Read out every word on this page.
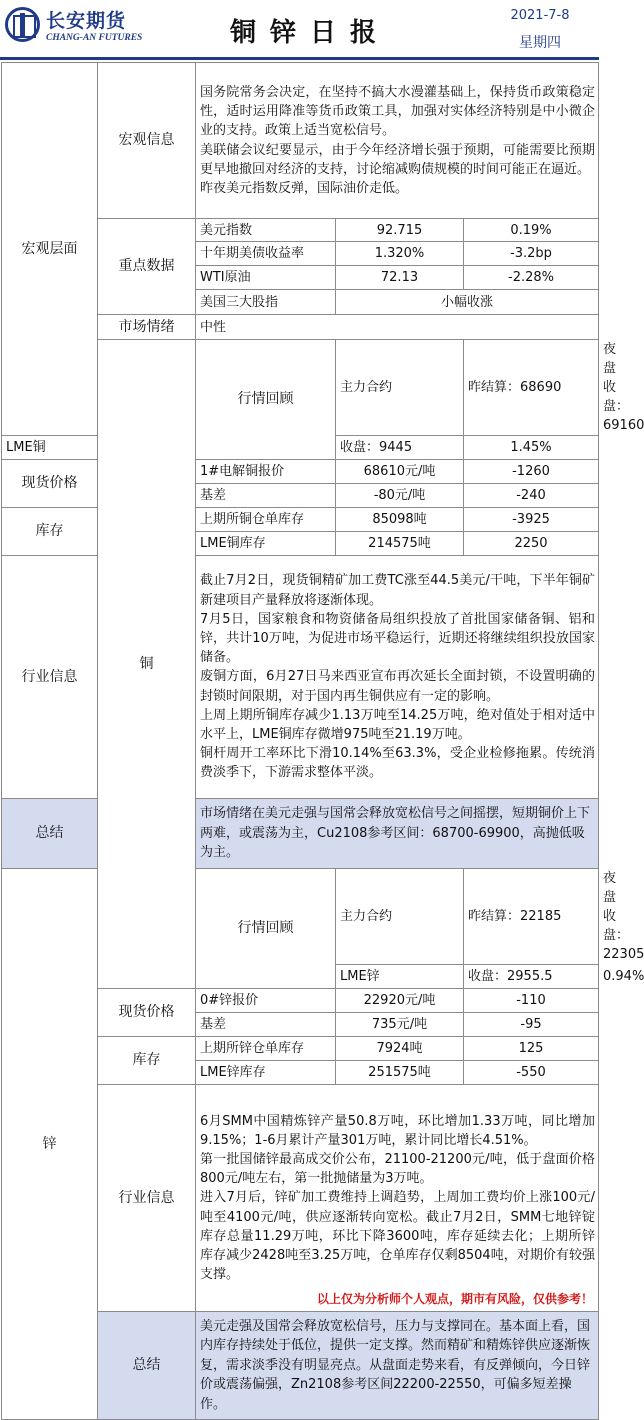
长安期货
CHANG-AN FUTURES	铜锌日报
2021-7-8
星期四
宏观层面	宏观信息	国务院常务会决定，在坚持不搞大水漫灌基础上，保持货币政策稳定性，适时运用降准等货币政策工具，加强对实体经济特别是中小微企业的支持。政策上适当宽松信号。
美联储会议纪要显示，由于今年经济增长强于预期，可能需要比预期更早地撤回对经济的支持，讨论缩减购债规模的时间可能正在逼近。
昨夜美元指数反弹，国际油价走低。			

	重点数据	美元指数	92.715	0.19%	
		十年期美债收益率	1.320%	-3.2bp	
		WTI原油	72.13	-2.28%	
		美国三大股指	小幅收涨		
	市场情绪	中性			
	铜	行情回顾	主力合约	昨结算：68690	夜盘收盘：69160
LME铜			收盘：9445	1.45%	
现货价格		1#电解铜报价	68610元/吨	-1260	
		基差	-80元/吨	-240	
库存		上期所铜仓单库存	85098吨	-3925	
		LME铜库存	214575吨	2250	
行业信息		截止7月2日，现货铜精矿加工费TC涨至44.5美元/干吨，下半年铜矿新建项目产量释放将逐渐体现。
7月5日，国家粮食和物资储备局组织投放了首批国家储备铜、铝和锌，共计10万吨，为促进市场平稳运行，近期还将继续组织投放国家储备。
废铜方面，6月27日马来西亚宣布再次延长全面封锁，不设置明确的封锁时间限期，对于国内再生铜供应有一定的影响。
上周上期所铜库存减少1.13万吨至14.25万吨，绝对值处于相对适中水平上，LME铜库存微增975吨至21.19万吨。
铜杆周开工率环比下滑10.14%至63.3%，受企业检修拖累。传统消费淡季下，下游需求整体平淡。			

总结		市场情绪在美元走强与国常会释放宽松信号之间摇摆，短期铜价上下两难，或震荡为主，Cu2108参考区间：68700-69900，高抛低吸为主。			
锌		行情回顾	主力合约	昨结算：22185	夜盘收盘：22305
			LME锌	收盘：2955.5	0.94%
	现货价格	0#锌报价	22920元/吨	-110	
		基差	735元/吨	-95	
	库存	上期所锌仓单库存	7924吨	125	
		LME锌库存	251575吨	-550	
	行业信息	6月SMM中国精炼锌产量50.8万吨，环比增加1.33万吨，同比增加9.15%；1-6月累计产量301万吨，累计同比增长4.51%。
第一批国储锌最高成交价公布，21100-21200元/吨，低于盘面价格800元/吨左右，第一批抛储量为3万吨。
进入7月后，锌矿加工费维持上调趋势，上周加工费均价上涨100元/吨至4100元/吨，供应逐渐转向宽松。截止7月2日，SMM七地锌锭库存总量11.29万吨，环比下降3600吨，库存延续去化；上期所锌库存减少2428吨至3.25万吨，仓单库存仅剩8504吨，对期价有较强支撑。			

	总结	美元走强及国常会释放宽松信号，压力与支撑同在。基本面上看，国内库存持续处于低位，提供一定支撑。然而精矿和精炼锌供应逐渐恢复，需求淡季没有明显亮点。从盘面走势来看，有反弹倾向，今日锌价或震荡偏强，Zn2108参考区间22200-22550，可偏多短差操作。			
以上仅为分析师个人观点，期市有风险，仅供参考！
